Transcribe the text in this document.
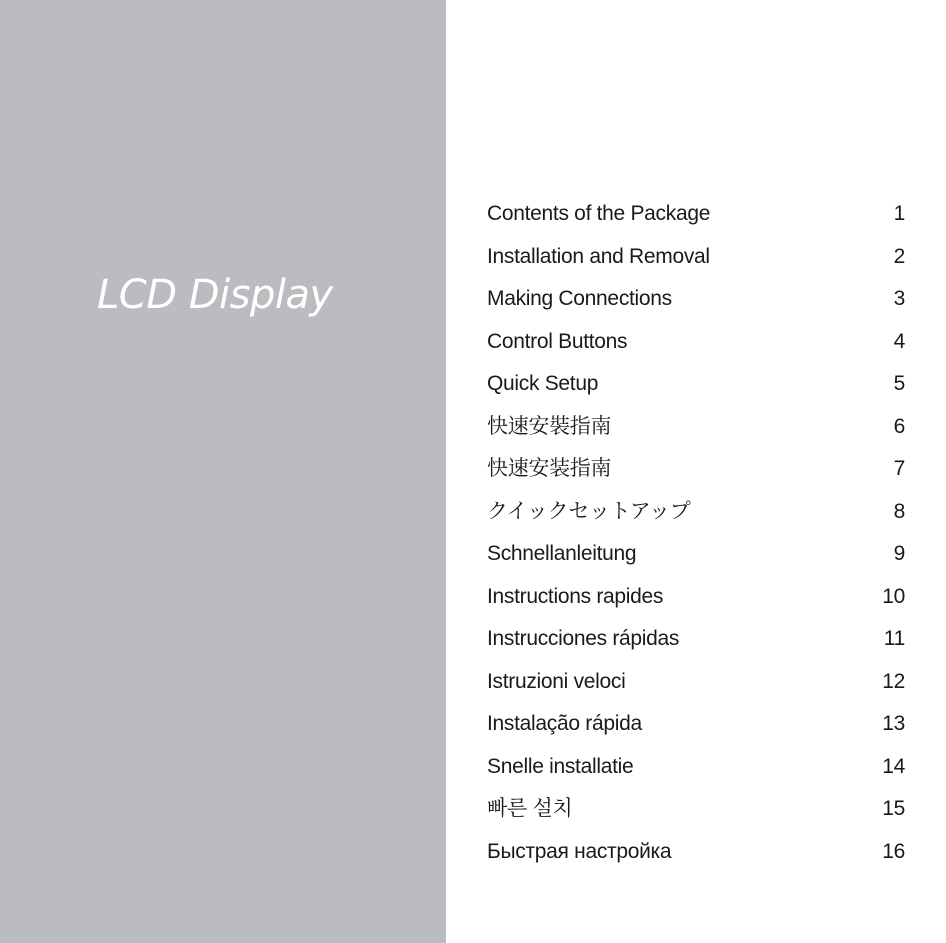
LCD Display
Contents of the Package	1
Installation and Removal	2
Making Connections	3
Control Buttons	4
Quick Setup	5
快速安裝指南	6
快速安装指南	7
クイックセットアップ	8
Schnellanleitung	9
Instructions rapides	10
Instrucciones rápidas	11
Istruzioni veloci	12
Instalação rápida	13
Snelle installatie	14
빠른 설치	15
Быстрая настройка	16
